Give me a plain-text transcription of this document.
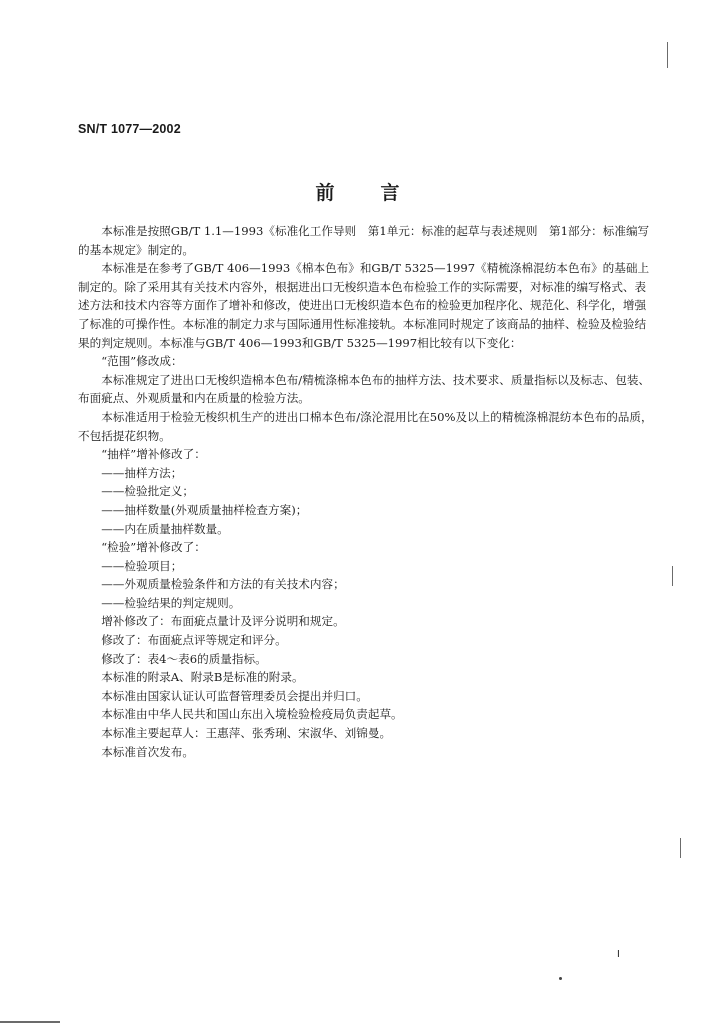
SN/T 1077—2002
前言

本标准是按照GB/T 1.1—1993《标准化工作导则　第1单元：标准的起草与表述规则　第1部分：标准编写的基本规定》制定的。

本标准是在参考了GB/T 406—1993《棉本色布》和GB/T 5325—1997《精梳涤棉混纺本色布》的基础上制定的。除了采用其有关技术内容外，根据进出口无梭织造本色布检验工作的实际需要，对标准的编写格式、表述方法和技术内容等方面作了增补和修改，使进出口无梭织造本色布的检验更加程序化、规范化、科学化，增强了标准的可操作性。本标准的制定力求与国际通用性标准接轨。本标准同时规定了该商品的抽样、检验及检验结果的判定规则。本标准与GB/T 406—1993和GB/T 5325—1997相比较有以下变化：

“范围”修改成：

本标准规定了进出口无梭织造棉本色布/精梳涤棉本色布的抽样方法、技术要求、质量指标以及标志、包装、布面疵点、外观质量和内在质量的检验方法。

本标准适用于检验无梭织机生产的进出口棉本色布/涤沦混用比在50%及以上的精梳涤棉混纺本色布的品质，不包括提花织物。

“抽样”增补修改了：

——抽样方法；

——检验批定义；

——抽样数量(外观质量抽样检查方案)；

——内在质量抽样数量。

“检验”增补修改了：

——检验项目；

——外观质量检验条件和方法的有关技术内容；

——检验结果的判定规则。

增补修改了：布面疵点量计及评分说明和规定。

修改了：布面疵点评等规定和评分。

修改了：表4～表6的质量指标。

本标准的附录A、附录B是标准的附录。

本标准由国家认证认可监督管理委员会提出并归口。

本标准由中华人民共和国山东出入境检验检疫局负责起草。

本标准主要起草人：王惠萍、张秀琍、宋淑华、刘锦曼。

本标准首次发布。

I
